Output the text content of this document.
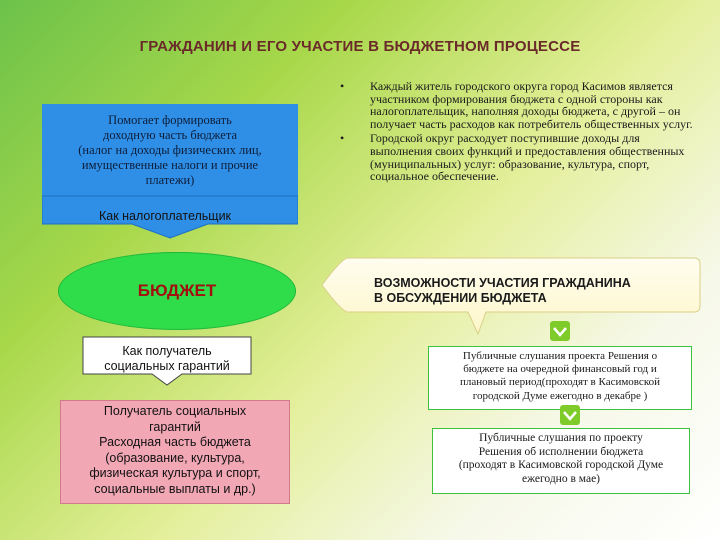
ГРАЖДАНИН И ЕГО УЧАСТИЕ В БЮДЖЕТНОМ ПРОЦЕССЕ
Помогает формировать
доходную часть бюджета
(налог на доходы физических лиц,
имущественные налоги и прочие
платежи)
Как налогоплательщик
БЮДЖЕТ
Как получатель
социальных гарантий
Получатель социальных
гарантий
Расходная часть бюджета
(образование, культура,
физическая культура и спорт,
социальные выплаты и др.)
• Каждый житель городского округа город Касимов является участником формирования бюджета с одной стороны как налогоплательщик, наполняя доходы бюджета, с другой – он получает часть расходов как потребитель общественных услуг.
• Городской округ расходует поступившие доходы для выполнения своих функций и предоставления общественных (муниципальных) услуг: образование, культура, спорт, социальное обеспечение.
ВОЗМОЖНОСТИ УЧАСТИЯ ГРАЖДАНИНА
В ОБСУЖДЕНИИ БЮДЖЕТА
Публичные слушания проекта Решения о
бюджете на очередной финансовый год и
плановый период(проходят в Касимовской
городской Думе ежегодно в декабре )
Публичные слушания по проекту
Решения об исполнении бюджета
(проходят в Касимовской городской Думе
ежегодно в мае)
